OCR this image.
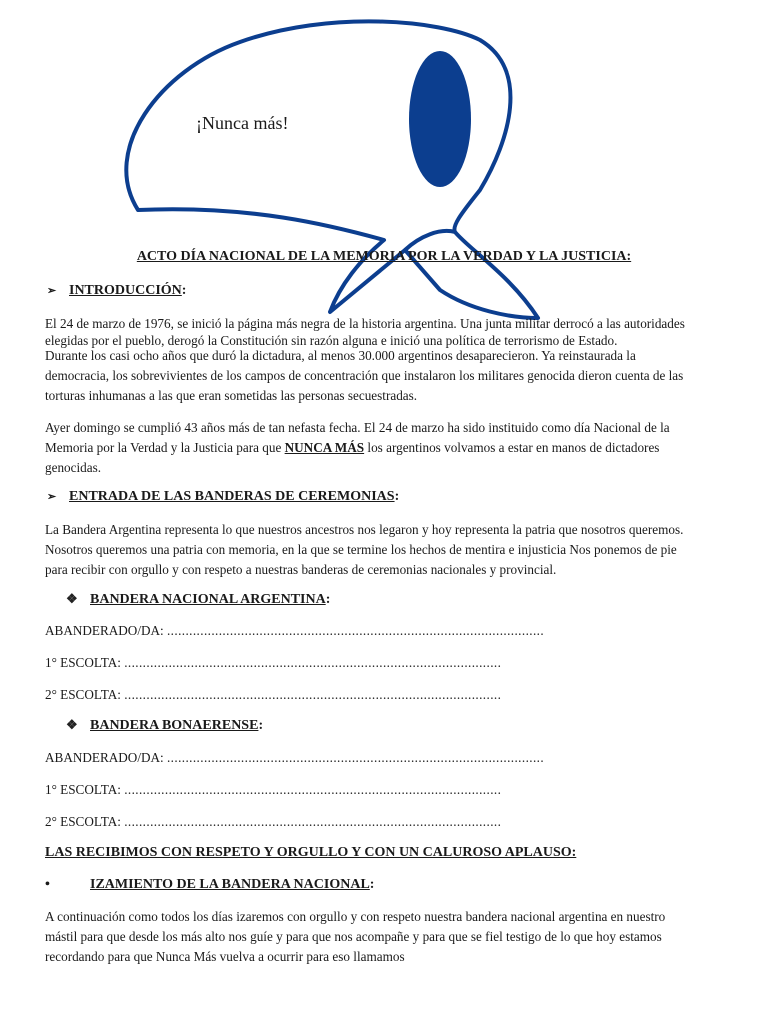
¡Nunca más!
ACTO DÍA NACIONAL DE LA MEMORIA POR LA VERDAD Y LA JUSTICIA:
➢ INTRODUCCIÓN:
El 24 de marzo de 1976, se inició la página más negra de la historia argentina. Una junta militar derrocó a las autoridades
elegidas por el pueblo, derogó la Constitución sin razón alguna e inició una política de terrorismo de Estado.
Durante los casi ocho años que duró la dictadura, al menos 30.000 argentinos desaparecieron. Ya reinstaurada la
democracia, los sobrevivientes de los campos de concentración que instalaron los militares genocida dieron cuenta de las
torturas inhumanas a las que eran sometidas las personas secuestradas.
Ayer domingo se cumplió 43 años más de tan nefasta fecha. El 24 de marzo ha sido instituido como día Nacional de la
Memoria por la Verdad y la Justicia para que NUNCA MÁS los argentinos volvamos a estar en manos de dictadores
genocidas.
➢ ENTRADA DE LAS BANDERAS DE CEREMONIAS:
La Bandera Argentina representa lo que nuestros ancestros nos legaron y hoy representa la patria que nosotros queremos.
Nosotros queremos una patria con memoria, en la que se termine los hechos de mentira e injusticia Nos ponemos de pie
para recibir con orgullo y con respeto a nuestras banderas de ceremonias nacionales y provincial.
❖ BANDERA NACIONAL ARGENTINA:
ABANDERADO/DA: ......................................................................................................
1° ESCOLTA: ......................................................................................................
2° ESCOLTA: ......................................................................................................
❖ BANDERA BONAERENSE:
ABANDERADO/DA: ......................................................................................................
1° ESCOLTA: ......................................................................................................
2° ESCOLTA: ......................................................................................................
LAS RECIBIMOS CON RESPETO Y ORGULLO Y CON UN CALUROSO APLAUSO:
•	IZAMIENTO DE LA BANDERA NACIONAL:
A continuación como todos los días izaremos con orgullo y con respeto nuestra bandera nacional argentina en nuestro
mástil para que desde los más alto nos guíe y para que nos acompañe y para que se fiel testigo de lo que hoy estamos
recordando para que Nunca Más vuelva a ocurrir para eso llamamos
